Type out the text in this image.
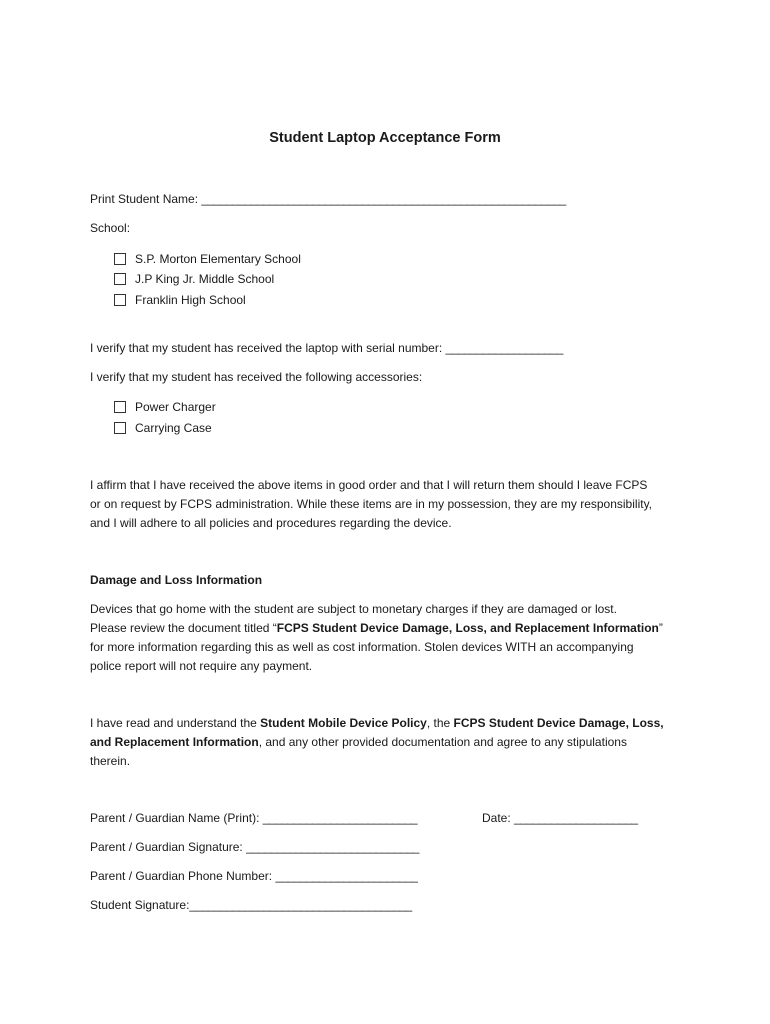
Student Laptop Acceptance Form
Print Student Name: ___________________________________________________________
School:
S.P. Morton Elementary School
J.P King Jr. Middle School
Franklin High School
I verify that my student has received the laptop with serial number: ___________________
I verify that my student has received the following accessories:
Power Charger
Carrying Case
I affirm that I have received the above items in good order and that I will return them should I leave FCPS
or on request by FCPS administration. While these items are in my possession, they are my responsibility,
and I will adhere to all policies and procedures regarding the device.
Damage and Loss Information
Devices that go home with the student are subject to monetary charges if they are damaged or lost.
Please review the document titled “FCPS Student Device Damage, Loss, and Replacement Information”
for more information regarding this as well as cost information. Stolen devices WITH an accompanying
police report will not require any payment.
I have read and understand the Student Mobile Device Policy, the FCPS Student Device Damage, Loss,
and Replacement Information, and any other provided documentation and agree to any stipulations
therein.
Parent / Guardian Name (Print): _________________________	Date: ____________________
Parent / Guardian Signature: ____________________________
Parent / Guardian Phone Number: _______________________
Student Signature:____________________________________
